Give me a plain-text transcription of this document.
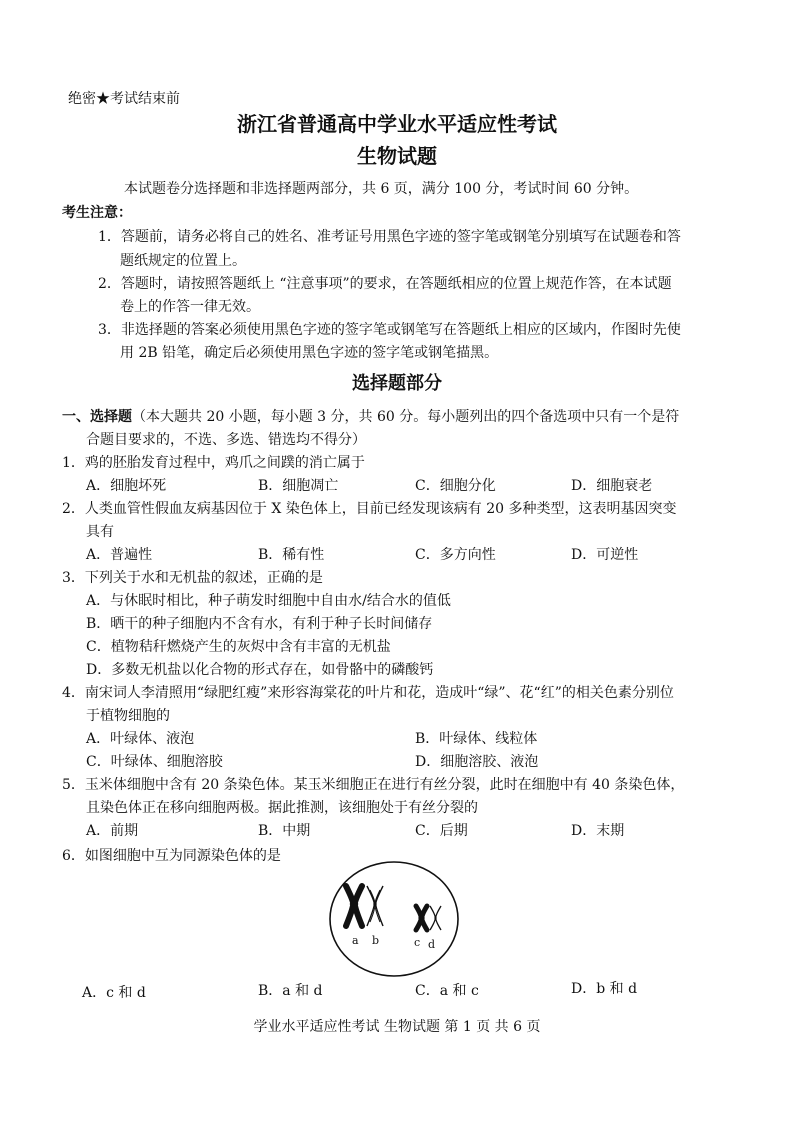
绝密★考试结束前
浙江省普通高中学业水平适应性考试
生物试题
本试题卷分选择题和非选择题两部分，共 6 页，满分 100 分，考试时间 60 分钟。
考生注意：
1．答题前，请务必将自己的姓名、准考证号用黑色字迹的签字笔或钢笔分别填写在试题卷和答
题纸规定的位置上。
2．答题时，请按照答题纸上 “注意事项”的要求，在答题纸相应的位置上规范作答，在本试题
卷上的作答一律无效。
3．非选择题的答案必须使用黑色字迹的签字笔或钢笔写在答题纸上相应的区域内，作图时先使
用 2B 铅笔，确定后必须使用黑色字迹的签字笔或钢笔描黑。
选择题部分
一、选择题（本大题共 20 小题，每小题 3 分，共 60 分。每小题列出的四个备选项中只有一个是符
合题目要求的，不选、多选、错选均不得分）
1．鸡的胚胎发育过程中，鸡爪之间蹼的消亡属于
A．细胞坏死	B．细胞凋亡	C．细胞分化	D．细胞衰老
2．人类血管性假血友病基因位于 X 染色体上，目前已经发现该病有 20 多种类型，这表明基因突变
具有
A．普遍性	B．稀有性	C．多方向性	D．可逆性
3．下列关于水和无机盐的叙述，正确的是
A．与休眠时相比，种子萌发时细胞中自由水/结合水的值低
B．晒干的种子细胞内不含有水，有利于种子长时间储存
C．植物秸秆燃烧产生的灰烬中含有丰富的无机盐
D．多数无机盐以化合物的形式存在，如骨骼中的磷酸钙
4．南宋词人李清照用“绿肥红瘦”来形容海棠花的叶片和花，造成叶“绿”、花“红”的相关色素分别位
于植物细胞的
A．叶绿体、液泡	B．叶绿体、线粒体
C．叶绿体、细胞溶胶	D．细胞溶胶、液泡
5．玉米体细胞中含有 20 条染色体。某玉米细胞正在进行有丝分裂，此时在细胞中有 40 条染色体，
且染色体正在移向细胞两极。据此推测，该细胞处于有丝分裂的
A．前期	B．中期	C．后期	D．末期
6．如图细胞中互为同源染色体的是
a b	c d
A．c 和 d	B．a 和 d	C．a 和 c	D．b 和 d
学业水平适应性考试 生物试题 第 1 页 共 6 页
